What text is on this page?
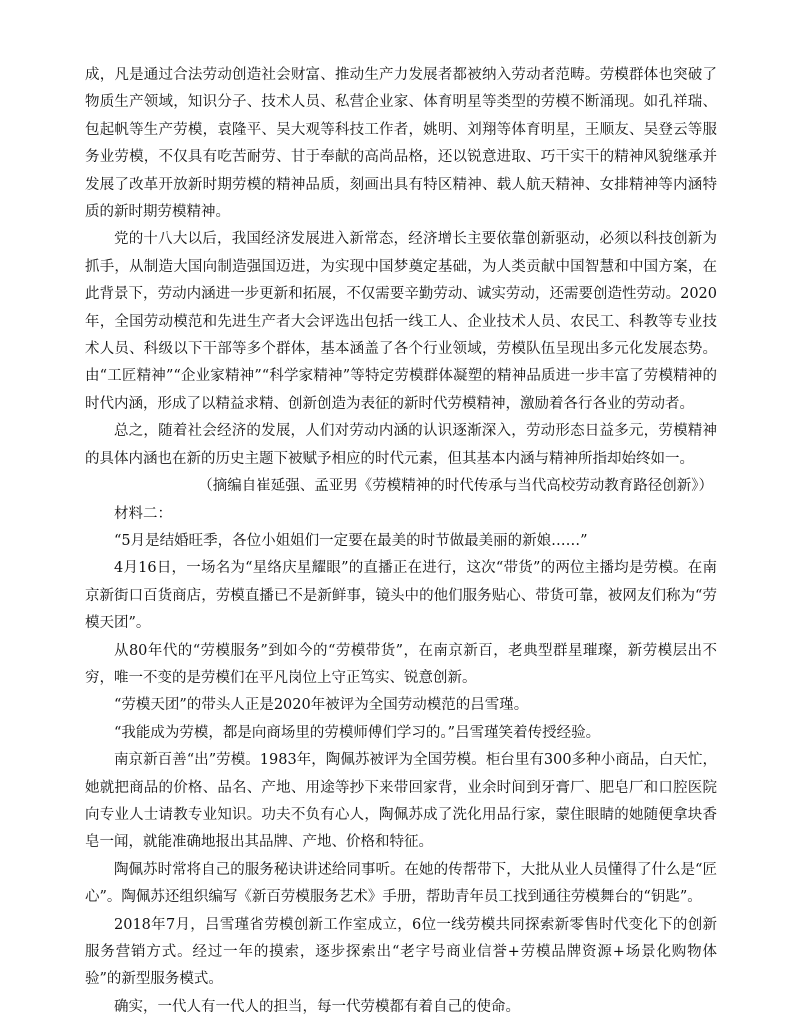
成，凡是通过合法劳动创造社会财富、推动生产力发展者都被纳入劳动者范畴。劳模群体也突破了物质生产领域，知识分子、技术人员、私营企业家、体育明星等类型的劳模不断涌现。如孔祥瑞、包起帆等生产劳模，袁隆平、吴大观等科技工作者，姚明、刘翔等体育明星，王顺友、吴登云等服务业劳模，不仅具有吃苦耐劳、甘于奉献的高尚品格，还以锐意进取、巧干实干的精神风貌继承并发展了改革开放新时期劳模的精神品质，刻画出具有特区精神、载人航天精神、女排精神等内涵特质的新时期劳模精神。

党的十八大以后，我国经济发展进入新常态，经济增长主要依靠创新驱动，必须以科技创新为抓手，从制造大国向制造强国迈进，为实现中国梦奠定基础，为人类贡献中国智慧和中国方案，在此背景下，劳动内涵进一步更新和拓展，不仅需要辛勤劳动、诚实劳动，还需要创造性劳动。2020年，全国劳动模范和先进生产者大会评选出包括一线工人、企业技术人员、农民工、科教等专业技术人员、科级以下干部等多个群体，基本涵盖了各个行业领域，劳模队伍呈现出多元化发展态势。由“工匠精神”“企业家精神”“科学家精神”等特定劳模群体凝塑的精神品质进一步丰富了劳模精神的时代内涵，形成了以精益求精、创新创造为表征的新时代劳模精神，激励着各行各业的劳动者。

总之，随着社会经济的发展，人们对劳动内涵的认识逐渐深入，劳动形态日益多元，劳模精神的具体内涵也在新的历史主题下被赋予相应的时代元素，但其基本内涵与精神所指却始终如一。

（摘编自崔延强、孟亚男《劳模精神的时代传承与当代高校劳动教育路径创新》）

材料二：

“5月是结婚旺季，各位小姐姐们一定要在最美的时节做最美丽的新娘……”

4月16日，一场名为“星络庆星耀眼”的直播正在进行，这次“带货”的两位主播均是劳模。在南京新街口百货商店，劳模直播已不是新鲜事，镜头中的他们服务贴心、带货可靠，被网友们称为“劳模天团”。

从80年代的“劳模服务”到如今的“劳模带货”，在南京新百，老典型群星璀璨，新劳模层出不穷，唯一不变的是劳模们在平凡岗位上守正笃实、锐意创新。

“劳模天团”的带头人正是2020年被评为全国劳动模范的吕雪瑾。

“我能成为劳模，都是向商场里的劳模师傅们学习的。”吕雪瑾笑着传授经验。

南京新百善“出”劳模。1983年，陶佩苏被评为全国劳模。柜台里有300多种小商品，白天忙，她就把商品的价格、品名、产地、用途等抄下来带回家背，业余时间到牙膏厂、肥皂厂和口腔医院向专业人士请教专业知识。功夫不负有心人，陶佩苏成了洗化用品行家，蒙住眼睛的她随便拿块香皂一闻，就能准确地报出其品牌、产地、价格和特征。

陶佩苏时常将自己的服务秘诀讲述给同事听。在她的传帮带下，大批从业人员懂得了什么是“匠心”。陶佩苏还组织编写《新百劳模服务艺术》手册，帮助青年员工找到通往劳模舞台的“钥匙”。

2018年7月，吕雪瑾省劳模创新工作室成立，6位一线劳模共同探索新零售时代变化下的创新服务营销方式。经过一年的摸索，逐步探索出“老字号商业信誉+劳模品牌资源+场景化购物体验”的新型服务模式。

确实，一代人有一代人的担当，每一代劳模都有着自己的使命。
